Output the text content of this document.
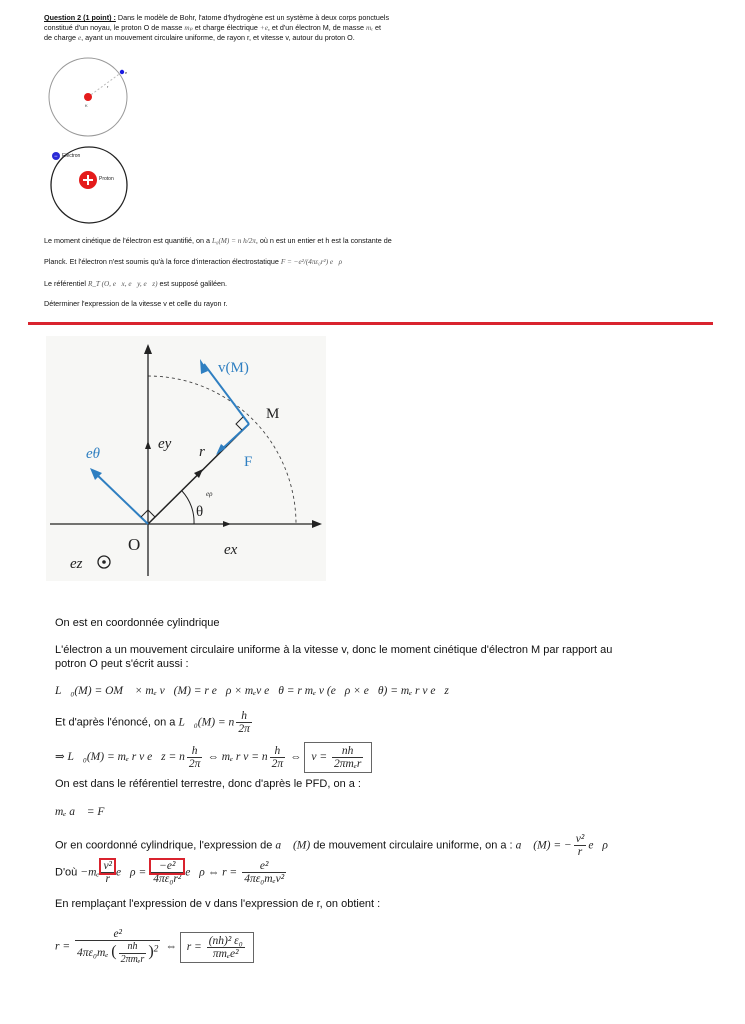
Question 2 (1 point) : Dans le modèle de Bohr, l'atome d'hydrogène est un système à deux corps ponctuels
constitué d'un noyau, le proton O de masse mₚ et charge électrique +e, et d'un électron M, de masse mₑ et
de charge e, ayant un mouvement circulaire uniforme, de rayon r, et vitesse v, autour du proton O.
K
r
e
− Electron
Proton
Le moment cinétique de l'électron est quantifié, on a L₀(M) = n h/2π, où n est un entier et h est la constante de
Planck. Et l'électron n'est soumis qu'à la force d'interaction électrostatique F = −e²/(4πε₀r²) e⃗ρ
Le référentiel R_T (O, e⃗x, e⃗y, e⃗z) est supposé galiléen.
Déterminer l'expression de la vitesse v et celle du rayon r.
v(M)
M
eθ
ey r
F
eρ
θ
O	ex
ez
On est en coordonnée cylindrique
L'électron a un mouvement circulaire uniforme à la vitesse v, donc le moment cinétique d'électron M par rapport au potron O peut s'écrit aussi :
L⃗₀(M) = OM⃗ × mₑ v⃗(M) = r e⃗ρ × mₑv e⃗θ = r mₑ v (e⃗ρ × e⃗θ) = mₑ r v e⃗z
Et d'après l'énoncé, on a L⃗₀(M) = n $\frac{h}{2\pi}$
⇒ L⃗₀(M) = mₑ r v e⃗z = n $\frac{h}{2\pi}$ ⇔ mₑ r v = n $\frac{h}{2\pi}$ ⇔ $v = \frac{nh}{\text{2πmₑr}}$
On est dans le référentiel terrestre, donc d'après le PFD, on a :
mₑ a⃗ = F⃗
Or en coordonné cylindrique, l'expression de a⃗ (M) de mouvement circulaire uniforme, on a : a⃗ (M) = − $\frac{\text{v²}}{r}$ e⃗ρ
D'où $-m_e \frac{\text{v²}}{r}$ e⃗ρ = $\frac{\text{−e²}}{\text{4πε₀r²}}$ e⃗ρ ⇔ $r = \frac{\text{e²}}{\text{4πε₀mₑv²}}$
En remplaçant l'expression de v dans l'expression de r, on obtient :
$r = \frac{\text{e²}}{4\pi\varepsilon_0m_e ( \frac{nh}{\text{2πmₑr}} )^2}$ ⇔ $r = \frac{\text{(nh)² ε₀}}{\text{πmₑe²}}$
